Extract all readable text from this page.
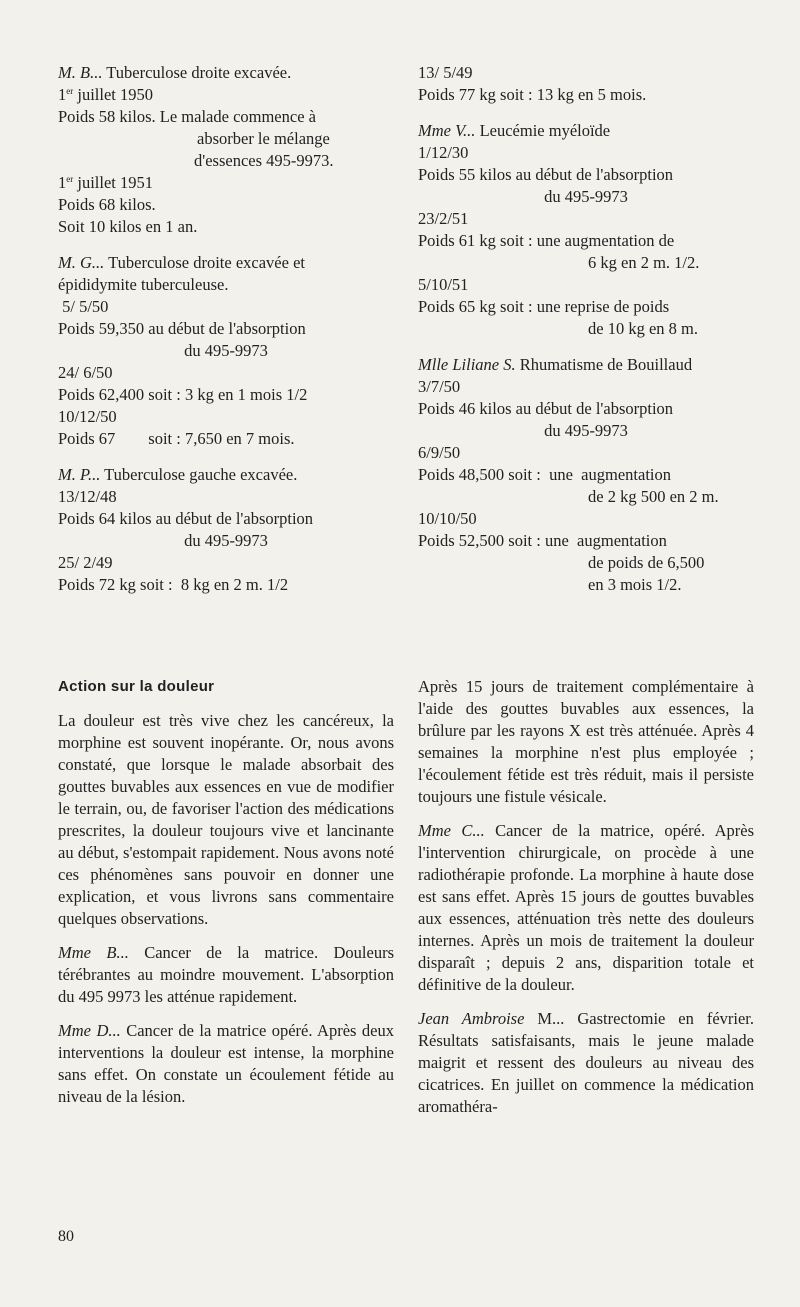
M. B... Tuberculose droite excavée.
1er juillet 1950
Poids 58 kilos. Le malade commence à
absorber le mélange
d'essences 495-9973.
1er juillet 1951
Poids 68 kilos.
Soit 10 kilos en 1 an.
M. G... Tuberculose droite excavée et
épididymite tuberculeuse.
5/ 5/50
Poids 59,350 au début de l'absorption
du 495-9973
24/ 6/50
Poids 62,400 soit : 3 kg en 1 mois 1/2
10/12/50
Poids 67        soit : 7,650 en 7 mois.
M. P... Tuberculose gauche excavée.
13/12/48
Poids 64 kilos au début de l'absorption
du 495-9973
25/ 2/49
Poids 72 kg soit :  8 kg en 2 m. 1/2
13/ 5/49
Poids 77 kg soit : 13 kg en 5 mois.
Mme V... Leucémie myéloïde
1/12/30
Poids 55 kilos au début de l'absorption
du 495-9973
23/2/51
Poids 61 kg soit : une augmentation de
6 kg en 2 m. 1/2.
5/10/51
Poids 65 kg soit : une reprise de poids
de 10 kg en 8 m.
Mlle Liliane S. Rhumatisme de Bouillaud
3/7/50
Poids 46 kilos au début de l'absorption
du 495-9973
6/9/50
Poids 48,500 soit :  une  augmentation
de 2 kg 500 en 2 m.
10/10/50
Poids 52,500 soit : une  augmentation
de poids de 6,500
en 3 mois 1/2.
Action sur la douleur
La douleur est très vive chez les cancéreux, la morphine est souvent inopérante. Or, nous avons constaté, que lorsque le malade absorbait des gouttes buvables aux essences en vue de modifier le terrain, ou, de favoriser l'action des médications prescrites, la douleur toujours vive et lancinante au début, s'estompait rapidement. Nous avons noté ces phénomènes sans pouvoir en donner une explication, et vous livrons sans commentaire quelques observations.
Mme B... Cancer de la matrice. Douleurs térébrantes au moindre mouvement. L'absorption du 495 9973 les atténue rapidement.
Mme D... Cancer de la matrice opéré. Après deux interventions la douleur est intense, la morphine sans effet. On constate un écoulement fétide au niveau de la lésion.
Après 15 jours de traitement complémentaire à l'aide des gouttes buvables aux essences, la brûlure par les rayons X est très atténuée. Après 4 semaines la morphine n'est plus employée ; l'écoulement fétide est très réduit, mais il persiste toujours une fistule vésicale.
Mme C... Cancer de la matrice, opéré. Après l'intervention chirurgicale, on procède à une radiothérapie profonde. La morphine à haute dose est sans effet. Après 15 jours de gouttes buvables aux essences, atténuation très nette des douleurs internes. Après un mois de traitement la douleur disparaît ; depuis 2 ans, disparition totale et définitive de la douleur.
Jean Ambroise M... Gastrectomie en février. Résultats satisfaisants, mais le jeune malade maigrit et ressent des douleurs au niveau des cicatrices. En juillet on commence la médication aromathéra-
80
